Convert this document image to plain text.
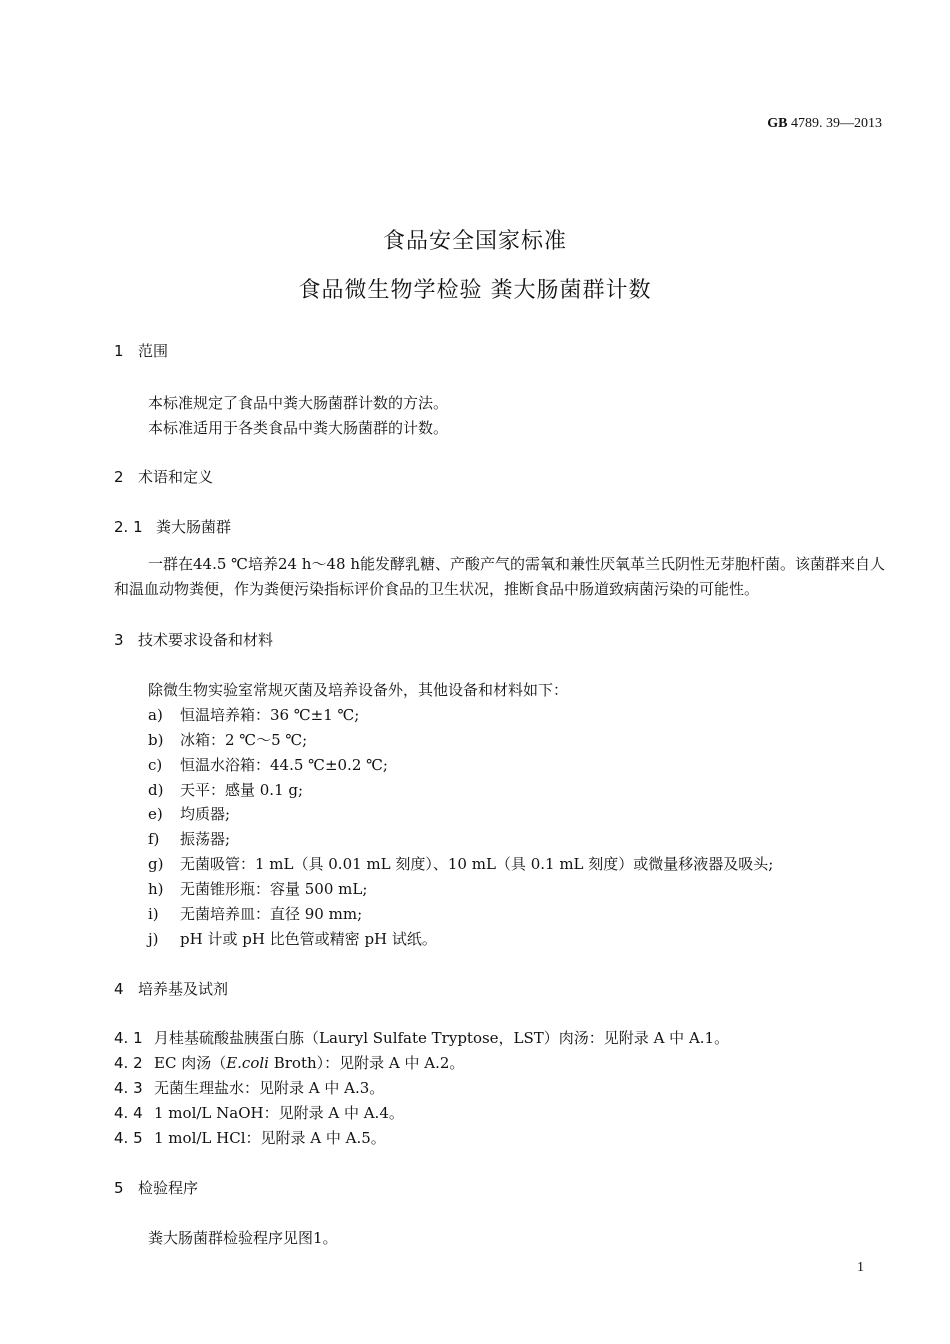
GB 4789. 39—2013
食品安全国家标准
食品微生物学检验 粪大肠菌群计数
1 范围
本标准规定了食品中粪大肠菌群计数的方法。
本标准适用于各类食品中粪大肠菌群的计数。
2 术语和定义
2. 1 粪大肠菌群
一群在44.5 ℃培养24 h～48 h能发酵乳糖、产酸产气的需氧和兼性厌氧革兰氏阴性无芽胞杆菌。该菌群来自人和温血动物粪便，作为粪便污染指标评价食品的卫生状况，推断食品中肠道致病菌污染的可能性。
3 技术要求设备和材料
除微生物实验室常规灭菌及培养设备外，其他设备和材料如下：
a) 恒温培养箱：36 ℃±1 ℃;
b) 冰箱：2 ℃～5 ℃;
c) 恒温水浴箱：44.5 ℃±0.2 ℃;
d) 天平：感量 0.1 g;
e) 均质器;
f) 振荡器;
g) 无菌吸管：1 mL（具 0.01 mL 刻度）、10 mL（具 0.1 mL 刻度）或微量移液器及吸头;
h) 无菌锥形瓶：容量 500 mL;
i) 无菌培养皿：直径 90 mm;
j) pH 计或 pH 比色管或精密 pH 试纸。
4 培养基及试剂
4. 1 月桂基硫酸盐胰蛋白胨（Lauryl Sulfate Tryptose，LST）肉汤：见附录 A 中 A.1。
4. 2 EC 肉汤（E.coli Broth）：见附录 A 中 A.2。
4. 3 无菌生理盐水：见附录 A 中 A.3。
4. 4 1 mol/L NaOH：见附录 A 中 A.4。
4. 5 1 mol/L HCl：见附录 A 中 A.5。
5 检验程序
粪大肠菌群检验程序见图1。
1
